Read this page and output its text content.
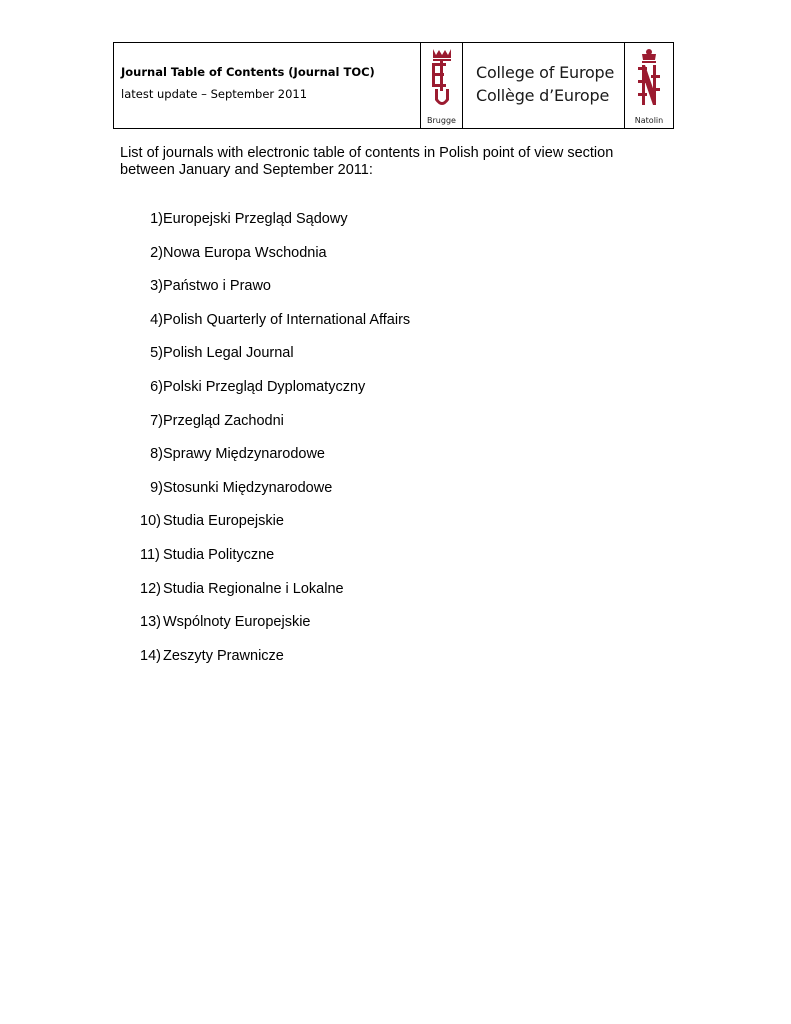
Journal Table of Contents (Journal TOC)
latest update – September 2011
Brugge
College of Europe
Collège d’Europe
Natolin
List of journals with electronic table of contents in Polish point of view section between January and September 2011:
1) Europejski Przegląd Sądowy
2) Nowa Europa Wschodnia
3) Państwo i Prawo
4) Polish Quarterly of International Affairs
5) Polish Legal Journal
6) Polski Przegląd Dyplomatyczny
7) Przegląd Zachodni
8) Sprawy Międzynarodowe
9) Stosunki Międzynarodowe
10) Studia Europejskie
11) Studia Polityczne
12) Studia Regionalne i Lokalne
13) Wspólnoty Europejskie
14) Zeszyty Prawnicze
